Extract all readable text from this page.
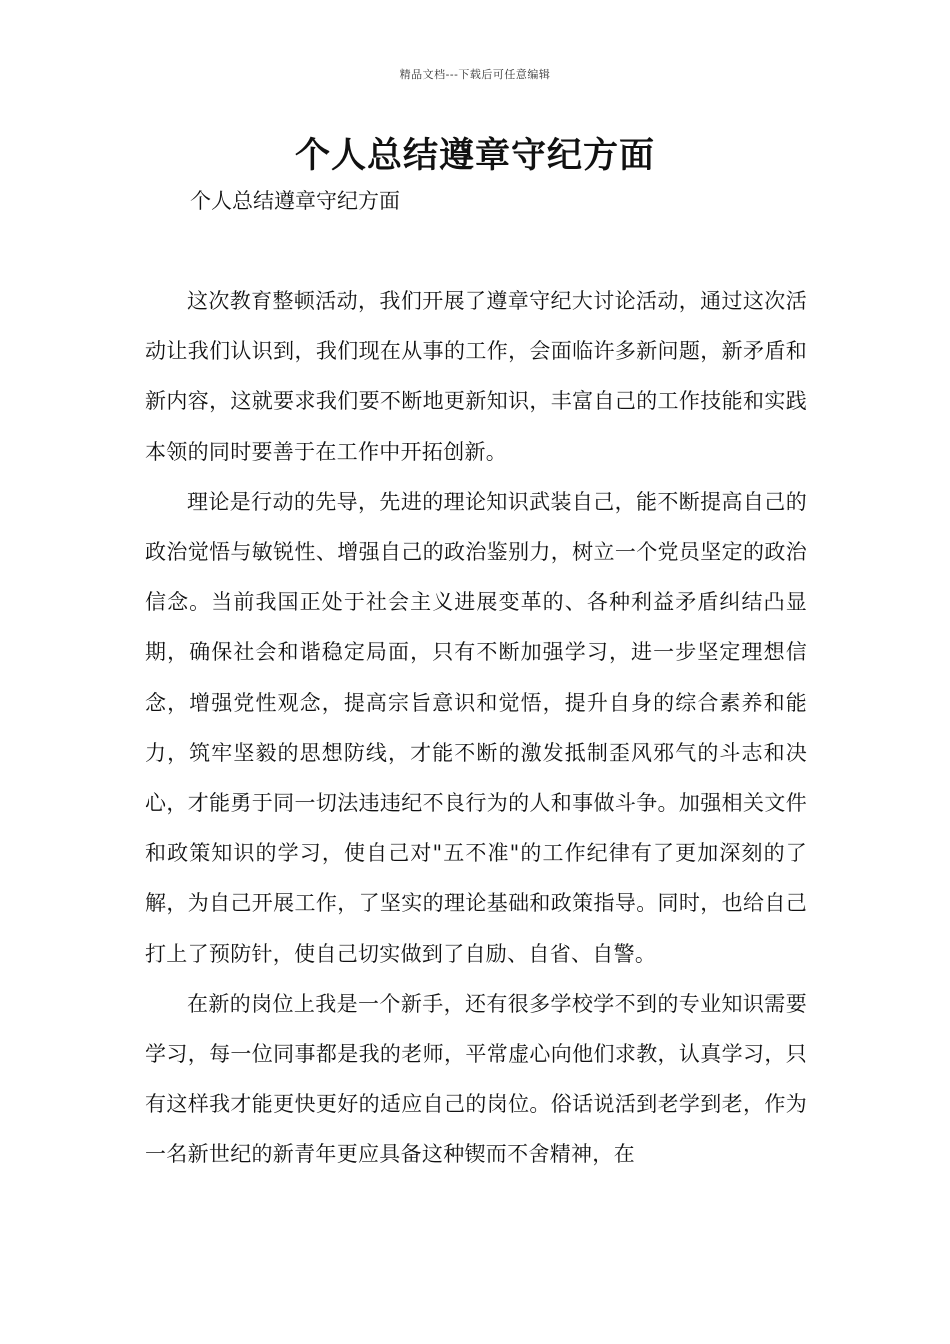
精品文档---下载后可任意编辑
个人总结遵章守纪方面
个人总结遵章守纪方面

这次教育整顿活动，我们开展了遵章守纪大讨论活动，通过这次活动让我们认识到，我们现在从事的工作，会面临许多新问题，新矛盾和新内容，这就要求我们要不断地更新知识，丰富自己的工作技能和实践本领的同时要善于在工作中开拓创新。

理论是行动的先导，先进的理论知识武装自己，能不断提高自己的政治觉悟与敏锐性、增强自己的政治鉴别力，树立一个党员坚定的政治信念。当前我国正处于社会主义进展变革的、各种利益矛盾纠结凸显期，确保社会和谐稳定局面，只有不断加强学习，进一步坚定理想信念，增强党性观念，提高宗旨意识和觉悟，提升自身的综合素养和能力，筑牢坚毅的思想防线，才能不断的激发抵制歪风邪气的斗志和决心，才能勇于同一切法违违纪不良行为的人和事做斗争。加强相关文件和政策知识的学习，使自己对"五不准"的工作纪律有了更加深刻的了解，为自己开展工作，了坚实的理论基础和政策指导。同时，也给自己打上了预防针，使自己切实做到了自励、自省、自警。

在新的岗位上我是一个新手，还有很多学校学不到的专业知识需要学习，每一位同事都是我的老师，平常虚心向他们求教，认真学习，只有这样我才能更快更好的适应自己的岗位。俗话说活到老学到老，作为一名新世纪的新青年更应具备这种锲而不舍精神，在
